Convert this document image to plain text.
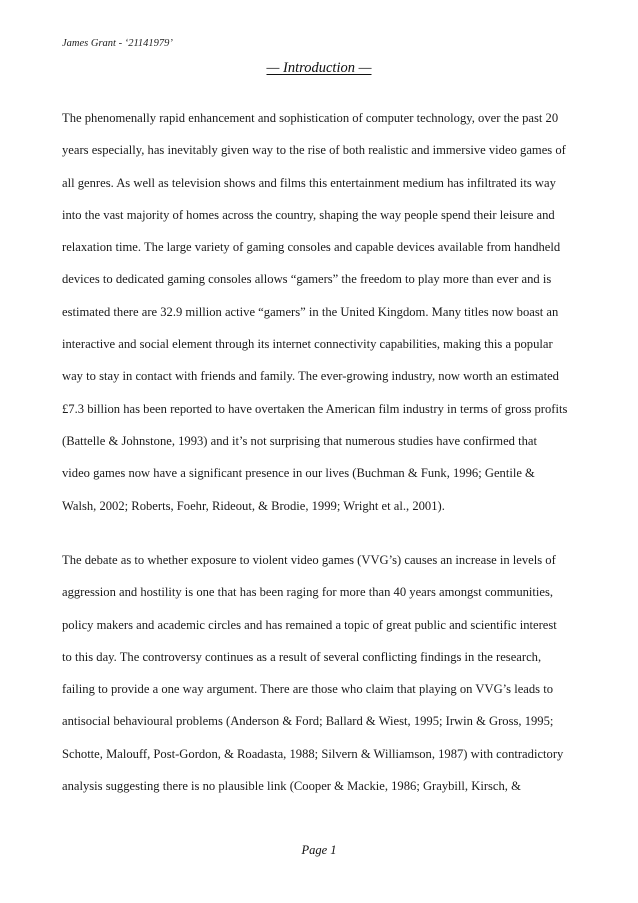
James Grant - ‘21141979’
— Introduction —
The phenomenally rapid enhancement and sophistication of computer technology, over the past 20
years especially, has inevitably given way to the rise of both realistic and immersive video games of
all genres. As well as television shows and films this entertainment medium has infiltrated its way
into the vast majority of homes across the country, shaping the way people spend their leisure and
relaxation time. The large variety of gaming consoles and capable devices available from handheld
devices to dedicated gaming consoles allows “gamers” the freedom to play more than ever and is
estimated there are 32.9 million active “gamers” in the United Kingdom. Many titles now boast an
interactive and social element through its internet connectivity capabilities, making this a popular
way to stay in contact with friends and family. The ever-growing industry, now worth an estimated
£7.3 billion has been reported to have overtaken the American film industry in terms of gross profits
(Battelle & Johnstone, 1993) and it’s not surprising that numerous studies have confirmed that
video games now have a significant presence in our lives (Buchman & Funk, 1996; Gentile &
Walsh, 2002; Roberts, Foehr, Rideout, & Brodie, 1999; Wright et al., 2001).
The debate as to whether exposure to violent video games (VVG’s) causes an increase in levels of
aggression and hostility is one that has been raging for more than 40 years amongst communities,
policy makers and academic circles and has remained a topic of great public and scientific interest
to this day. The controversy continues as a result of several conflicting findings in the research,
failing to provide a one way argument. There are those who claim that playing on VVG’s leads to
antisocial behavioural problems (Anderson & Ford; Ballard & Wiest, 1995; Irwin & Gross, 1995;
Schotte, Malouff, Post-Gordon, & Roadasta, 1988; Silvern & Williamson, 1987) with contradictory
analysis suggesting there is no plausible link (Cooper & Mackie, 1986; Graybill, Kirsch, &
Page 1
